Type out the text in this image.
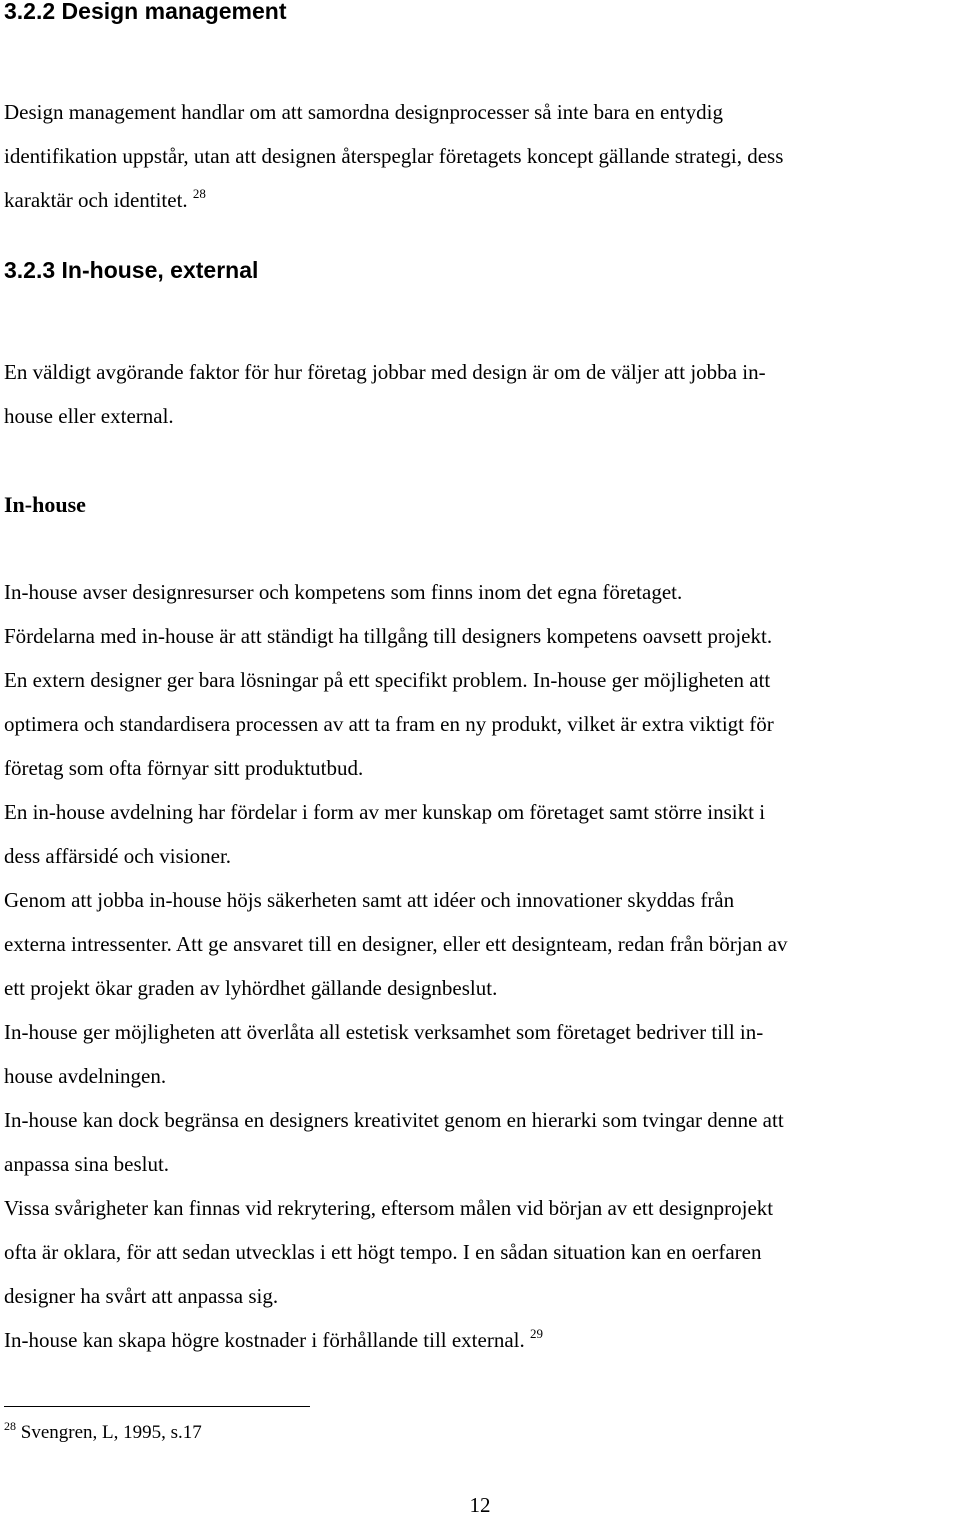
3.2.2 Design management

Design management handlar om att samordna designprocesser så inte bara en entydig
identifikation uppstår, utan att designen återspeglar företagets koncept gällande strategi, dess
karaktär och identitet. $^{28}$

3.2.3 In-house, external

En väldigt avgörande faktor för hur företag jobbar med design är om de väljer att jobba in-
house eller external.

In-house

In-house avser designresurser och kompetens som finns inom det egna företaget.
Fördelarna med in-house är att ständigt ha tillgång till designers kompetens oavsett projekt.
En extern designer ger bara lösningar på ett specifikt problem. In-house ger möjligheten att
optimera och standardisera processen av att ta fram en ny produkt, vilket är extra viktigt för
företag som ofta förnyar sitt produktutbud.
En in-house avdelning har fördelar i form av mer kunskap om företaget samt större insikt i
dess affärsidé och visioner.
Genom att jobba in-house höjs säkerheten samt att idéer och innovationer skyddas från
externa intressenter. Att ge ansvaret till en designer, eller ett designteam, redan från början av
ett projekt ökar graden av lyhördhet gällande designbeslut.
In-house ger möjligheten att överlåta all estetisk verksamhet som företaget bedriver till in-
house avdelningen.
In-house kan dock begränsa en designers kreativitet genom en hierarki som tvingar denne att
anpassa sina beslut.
Vissa svårigheter kan finnas vid rekrytering, eftersom målen vid början av ett designprojekt
ofta är oklara, för att sedan utvecklas i ett högt tempo. I en sådan situation kan en oerfaren
designer ha svårt att anpassa sig.
In-house kan skapa högre kostnader i förhållande till external. $^{29}$

$^{28}$ Svengren, L, 1995, s.17

12
